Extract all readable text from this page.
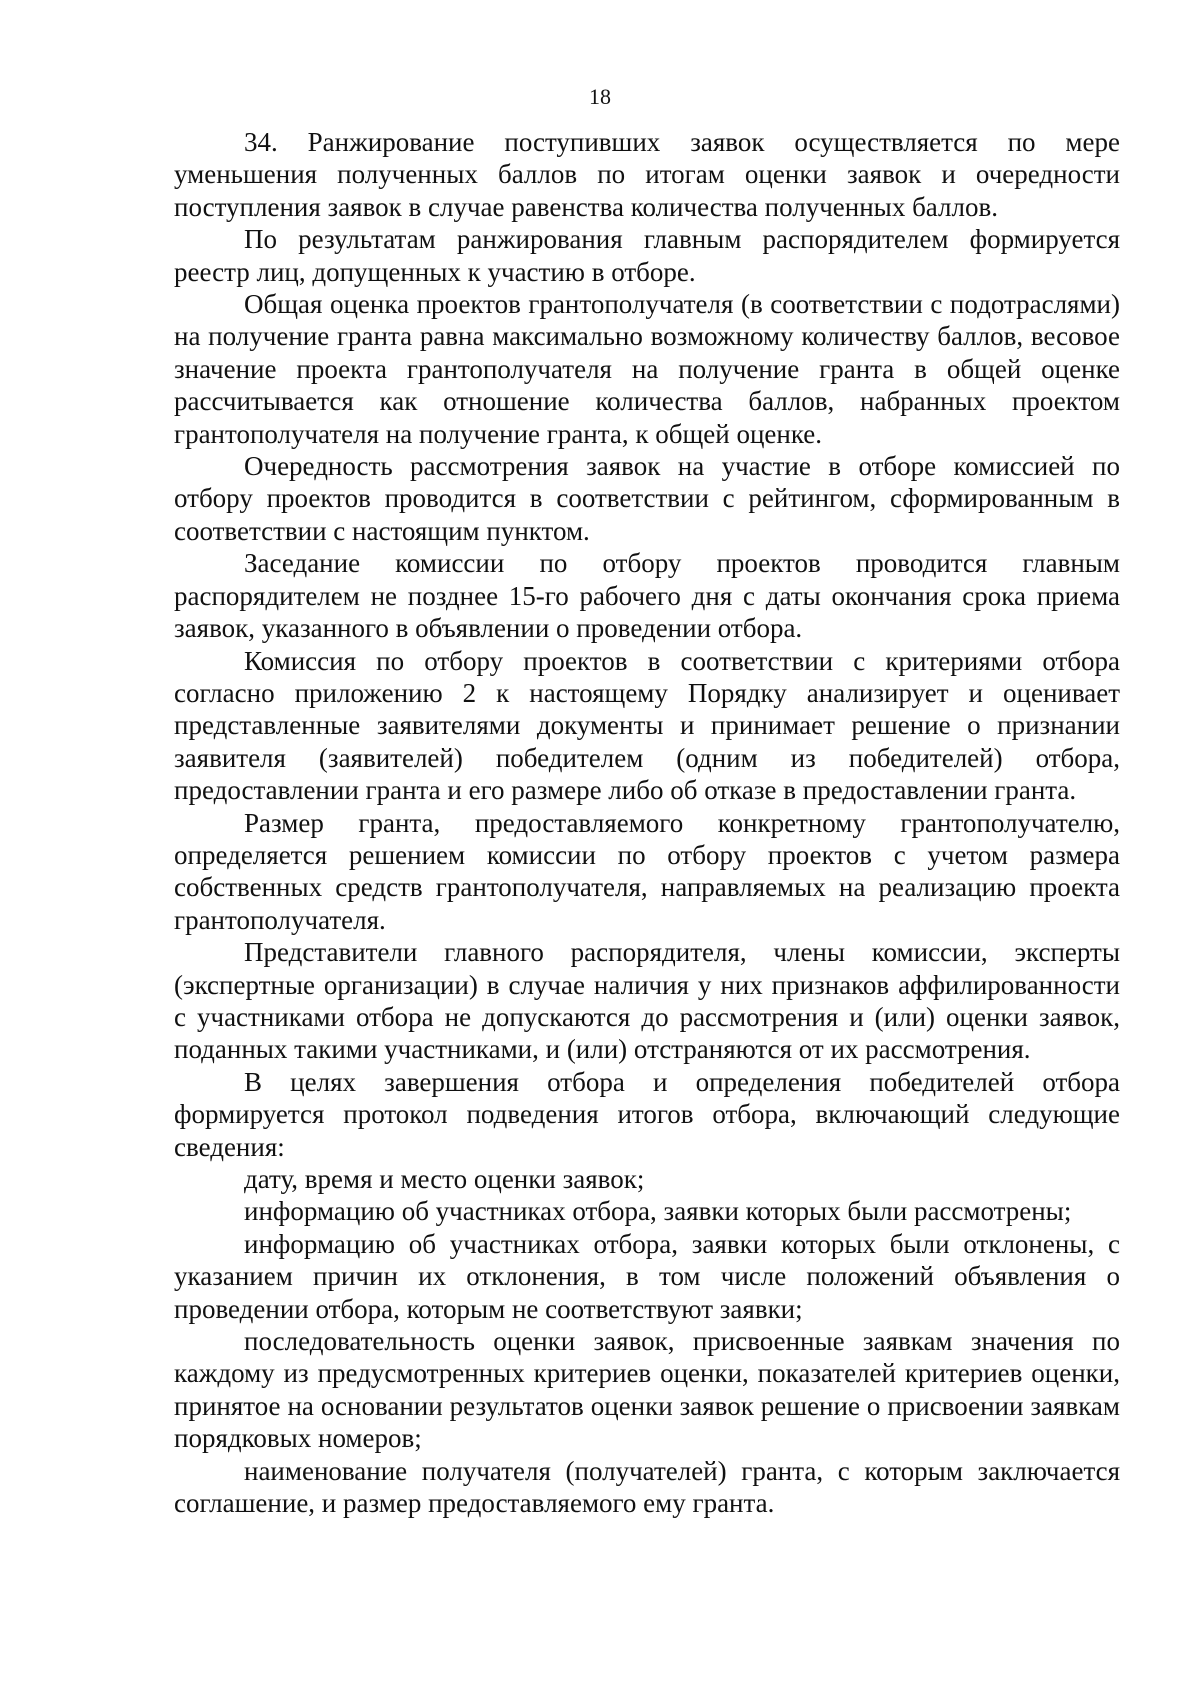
18

34. Ранжирование поступивших заявок осуществляется по мере уменьшения полученных баллов по итогам оценки заявок и очередности поступления заявок в случае равенства количества полученных баллов.

По результатам ранжирования главным распорядителем формируется реестр лиц, допущенных к участию в отборе.

Общая оценка проектов грантополучателя (в соответствии с подотраслями) на получение гранта равна максимально возможному количеству баллов, весовое значение проекта грантополучателя на получение гранта в общей оценке рассчитывается как отношение количества баллов, набранных проектом грантополучателя на получение гранта, к общей оценке.

Очередность рассмотрения заявок на участие в отборе комиссией по отбору проектов проводится в соответствии с рейтингом, сформированным в соответствии с настоящим пунктом.

Заседание комиссии по отбору проектов проводится главным распорядителем не позднее 15-го рабочего дня с даты окончания срока приема заявок, указанного в объявлении о проведении отбора.

Комиссия по отбору проектов в соответствии с критериями отбора согласно приложению 2 к настоящему Порядку анализирует и оценивает представленные заявителями документы и принимает решение о признании заявителя (заявителей) победителем (одним из победителей) отбора, предоставлении гранта и его размере либо об отказе в предоставлении гранта.

Размер гранта, предоставляемого конкретному грантополучателю, определяется решением комиссии по отбору проектов с учетом размера собственных средств грантополучателя, направляемых на реализацию проекта грантополучателя.

Представители главного распорядителя, члены комиссии, эксперты (экспертные организации) в случае наличия у них признаков аффилированности с участниками отбора не допускаются до рассмотрения и (или) оценки заявок, поданных такими участниками, и (или) отстраняются от их рассмотрения.

В целях завершения отбора и определения победителей отбора формируется протокол подведения итогов отбора, включающий следующие сведения:

дату, время и место оценки заявок;

информацию об участниках отбора, заявки которых были рассмотрены;

информацию об участниках отбора, заявки которых были отклонены, с указанием причин их отклонения, в том числе положений объявления о проведении отбора, которым не соответствуют заявки;

последовательность оценки заявок, присвоенные заявкам значения по каждому из предусмотренных критериев оценки, показателей критериев оценки, принятое на основании результатов оценки заявок решение о присвоении заявкам порядковых номеров;

наименование получателя (получателей) гранта, с которым заключается соглашение, и размер предоставляемого ему гранта.
